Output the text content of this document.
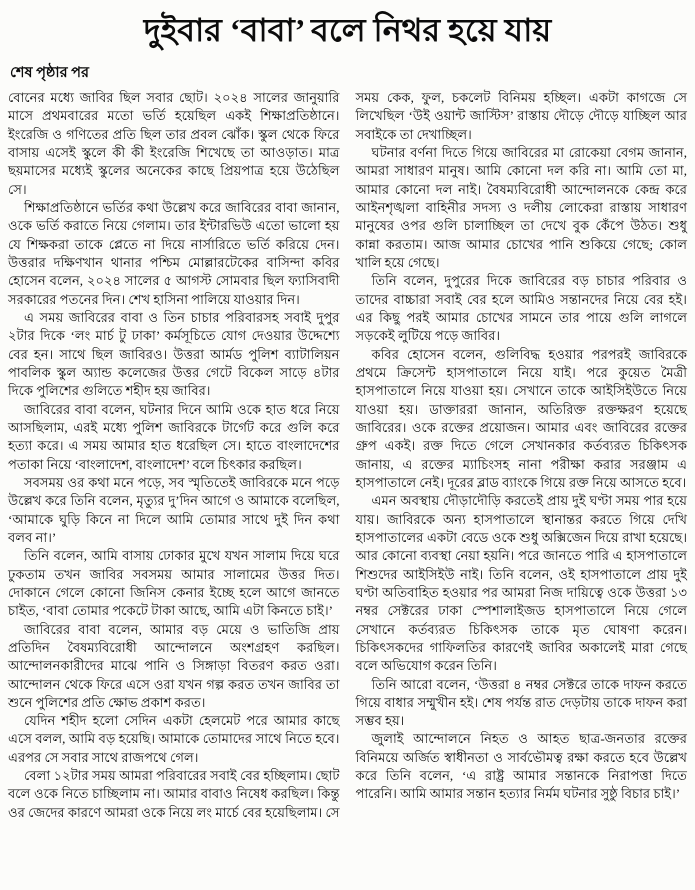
দুইবার ‘বাবা’ বলে নিথর হয়ে যায়
শেষ পৃষ্ঠার পর

বোনের মধ্যে জাবির ছিল সবার ছোট। ২০২৪ সালের জানুয়ারি মাসে প্রথমবারের মতো ভর্তি হয়েছিল একই শিক্ষাপ্রতিষ্ঠানে। ইংরেজি ও গণিতের প্রতি ছিল তার প্রবল ঝোঁক। স্কুল থেকে ফিরে বাসায় এসেই স্কুলে কী কী ইংরেজি শিখেছে তা আওড়াত। মাত্র ছয়মাসের মধ্যেই স্কুলের অনেকের কাছে প্রিয়পাত্র হয়ে উঠেছিল সে।

শিক্ষাপ্রতিষ্ঠানে ভর্তির কথা উল্লেখ করে জাবিরের বাবা জানান, ওকে ভর্তি করাতে নিয়ে গেলাম। তার ইন্টারভিউ এতো ভালো হয় যে শিক্ষকরা তাকে প্লেতে না দিয়ে নার্সারিতে ভর্তি করিয়ে দেন। উত্তরার দক্ষিণখান থানার পশ্চিম মোল্লারটেকের বাসিন্দা কবির হোসেন বলেন, ২০২৪ সালের ৫ আগস্ট সোমবার ছিল ফ্যাসিবাদী সরকারের পতনের দিন। শেখ হাসিনা পালিয়ে যাওয়ার দিন।

এ সময় জাবিরের বাবা ও তিন চাচার পরিবারসহ সবাই দুপুর ২টার দিকে ‘লং মার্চ টু ঢাকা’ কর্মসূচিতে যোগ দেওয়ার উদ্দেশ্যে বের হন। সাথে ছিল জাবিরও। উত্তরা আর্মড পুলিশ ব্যাটালিয়ন পাবলিক স্কুল অ্যান্ড কলেজের উত্তর গেটে বিকেল সাড়ে ৪টার দিকে পুলিশের গুলিতে শহীদ হয় জাবির।

জাবিরের বাবা বলেন, ঘটনার দিনে আমি ওকে হাত ধরে নিয়ে আসছিলাম, এরই মধ্যে পুলিশ জাবিরকে টার্গেট করে গুলি করে হত্যা করে। এ সময় আমার হাত ধরেছিল সে। হাতে বাংলাদেশের পতাকা নিয়ে ‘বাংলাদেশ, বাংলাদেশ’ বলে চিৎকার করছিল।

সবসময় ওর কথা মনে পড়ে, সব স্মৃতিতেই জাবিরকে মনে পড়ে উল্লেখ করে তিনি বলেন, মৃত্যুর দু’দিন আগে ও আমাকে বলেছিল, ‘আমাকে ঘুড়ি কিনে না দিলে আমি তোমার সাথে দুই দিন কথা বলব না।’

তিনি বলেন, আমি বাসায় ঢোকার মুখে যখন সালাম দিয়ে ঘরে ঢুকতাম তখন জাবির সবসময় আমার সালামের উত্তর দিত। দোকানে গেলে কোনো জিনিস কেনার ইচ্ছে হলে আগে জানতে চাইত, ‘বাবা তোমার পকেটে টাকা আছে, আমি এটা কিনতে চাই।’

জাবিরের বাবা বলেন, আমার বড় মেয়ে ও ভাতিজি প্রায় প্রতিদিন বৈষম্যবিরোধী আন্দোলনে অংশগ্রহণ করছিল। আন্দোলনকারীদের মাঝে পানি ও সিঙ্গাড়া বিতরণ করত ওরা। আন্দোলন থেকে ফিরে এসে ওরা যখন গল্প করত তখন জাবির তা শুনে পুলিশের প্রতি ক্ষোভ প্রকাশ করত।

যেদিন শহীদ হলো সেদিন একটা হেলমেট পরে আমার কাছে এসে বলল, আমি বড় হয়েছি। আমাকে তোমাদের সাথে নিতে হবে। এরপর সে সবার সাথে রাজপথে গেল।

বেলা ১২টার সময় আমরা পরিবারের সবাই বের হচ্ছিলাম। ছোট বলে ওকে নিতে চাচ্ছিলাম না। আমার বাবাও নিষেধ করছিল। কিন্তু ওর জেদের কারণে আমরা ওকে নিয়ে লং মার্চে বের হয়েছিলাম। সে সময় কেক, ফুল, চকলেট বিনিময় হচ্ছিল। একটা কাগজে সে লিখেছিল ‘উই ওয়ান্ট জাস্টিস’ রাস্তায় দৌড়ে দৌড়ে যাচ্ছিল আর সবাইকে তা দেখাচ্ছিল।

ঘটনার বর্ণনা দিতে গিয়ে জাবিরের মা রোকেয়া বেগম জানান, আমরা সাধারণ মানুষ। আমি কোনো দল করি না। আমি তো মা, আমার কোনো দল নাই। বৈষম্যবিরোধী আন্দোলনকে কেন্দ্র করে আইনশৃঙ্খলা বাহিনীর সদস্য ও দলীয় লোকেরা রাস্তায় সাধারণ মানুষের ওপর গুলি চালাচ্ছিল তা দেখে বুক কেঁপে উঠত। শুধু কান্না করতাম। আজ আমার চোখের পানি শুকিয়ে গেছে; কোল খালি হয়ে গেছে।

তিনি বলেন, দুপুরের দিকে জাবিরের বড় চাচার পরিবার ও তাদের বাচ্চারা সবাই বের হলে আমিও সন্তানদের নিয়ে বের হই। এর কিছু পরই আমার চোখের সামনে তার পায়ে গুলি লাগলে সড়কেই লুটিয়ে পড়ে জাবির।

কবির হোসেন বলেন, গুলিবিদ্ধ হওয়ার পরপরই জাবিরকে প্রথমে ক্রিসেন্ট হাসপাতালে নিয়ে যাই। পরে কুয়েত মৈত্রী হাসপাতালে নিয়ে যাওয়া হয়। সেখানে তাকে আইসিইউতে নিয়ে যাওয়া হয়। ডাক্তাররা জানান, অতিরিক্ত রক্তক্ষরণ হয়েছে জাবিরের। ওকে রক্তের প্রয়োজন। আমার এবং জাবিরের রক্তের গ্রুপ একই। রক্ত দিতে গেলে সেখানকার কর্তব্যরত চিকিৎসক জানায়, এ রক্তের ম্যাচিংসহ নানা পরীক্ষা করার সরঞ্জাম এ হাসপাতালে নেই। দূরের ব্লাড ব্যাংকে গিয়ে রক্ত নিয়ে আসতে হবে।

এমন অবস্থায় দৌড়াদৌড়ি করতেই প্রায় দুই ঘণ্টা সময় পার হয়ে যায়। জাবিরকে অন্য হাসপাতালে স্থানান্তর করতে গিয়ে দেখি হাসপাতালের একটা বেডে ওকে শুধু অক্সিজেন দিয়ে রাখা হয়েছে। আর কোনো ব্যবস্থা নেয়া হয়নি। পরে জানতে পারি এ হাসপাতালে শিশুদের আইসিইউ নাই। তিনি বলেন, ওই হাসপাতালে প্রায় দুই ঘণ্টা অতিবাহিত হওয়ার পর আমরা নিজ দায়িত্বে ওকে উত্তরা ১৩ নম্বর সেক্টরের ঢাকা স্পেশালাইজড হাসপাতালে নিয়ে গেলে সেখানে কর্তব্যরত চিকিৎসক তাকে মৃত ঘোষণা করেন। চিকিৎসকদের গাফিলতির কারণেই জাবির অকালেই মারা গেছে বলে অভিযোগ করেন তিনি।

তিনি আরো বলেন, ‘উত্তরা ৪ নম্বর সেক্টরে তাকে দাফন করতে গিয়ে বাধার সম্মুখীন হই। শেষ পর্যন্ত রাত দেড়টায় তাকে দাফন করা সম্ভব হয়।

জুলাই আন্দোলনে নিহত ও আহত ছাত্র-জনতার রক্তের বিনিময়ে অর্জিত স্বাধীনতা ও সার্বভৌমত্ব রক্ষা করতে হবে উল্লেখ করে তিনি বলেন, ‘এ রাষ্ট্র আমার সন্তানকে নিরাপত্তা দিতে পারেনি। আমি আমার সন্তান হত্যার নির্মম ঘটনার সুষ্ঠু বিচার চাই।’
